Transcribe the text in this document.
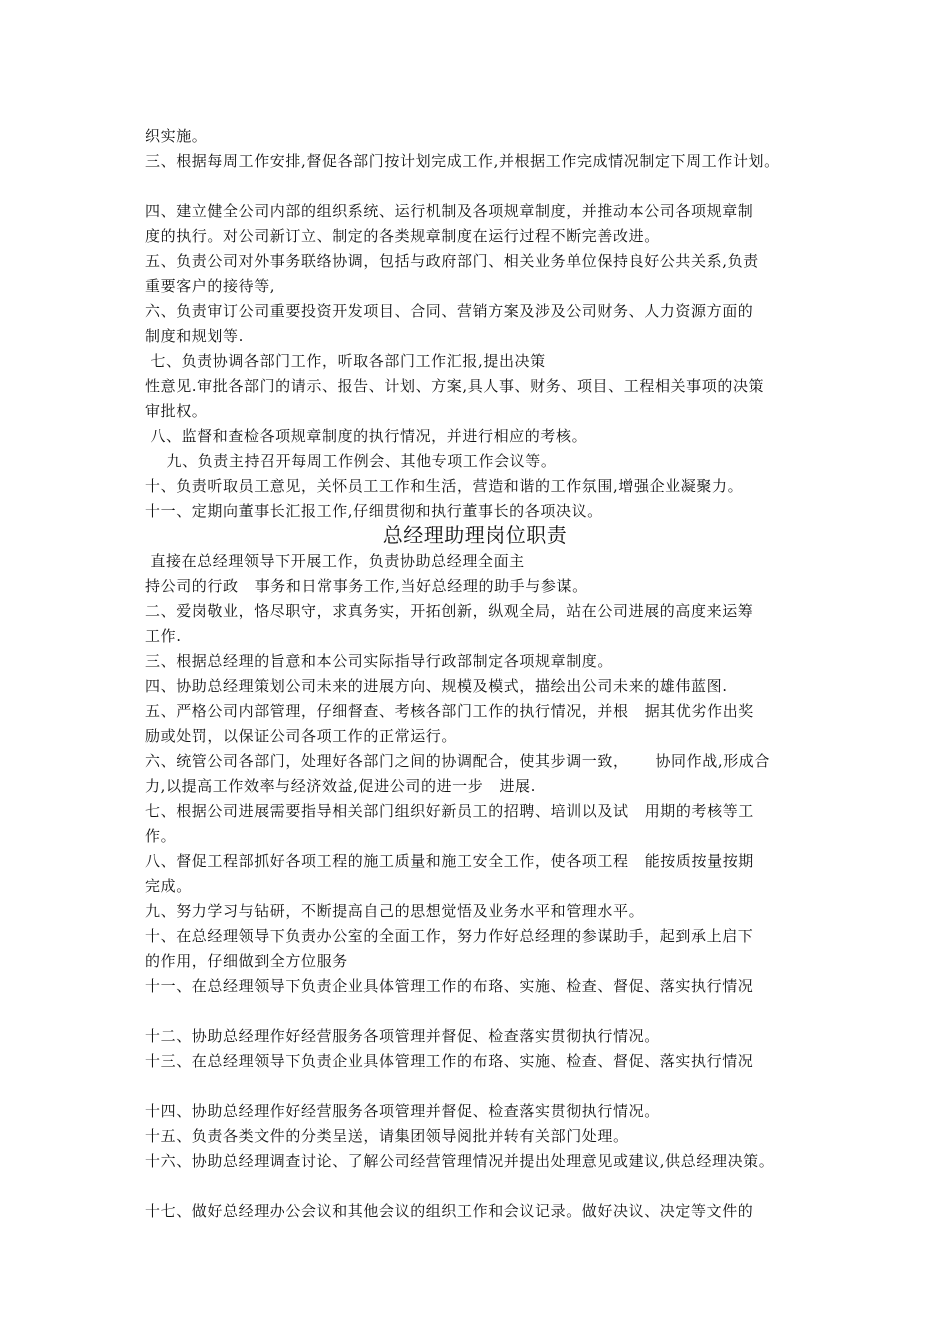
织实施。
三、根据每周工作安排,督促各部门按计划完成工作,并根据工作完成情况制定下周工作计划。
四、建立健全公司内部的组织系统、运行机制及各项规章制度，并推动本公司各项规章制
度的执行。对公司新订立、制定的各类规章制度在运行过程不断完善改进。
五、负责公司对外事务联络协调，包括与政府部门、相关业务单位保持良好公共关系,负责
重要客户的接待等,
六、负责审订公司重要投资开发项目、合同、营销方案及涉及公司财务、人力资源方面的
制度和规划等.
七、负责协调各部门工作，听取各部门工作汇报,提出决策
性意见.审批各部门的请示、报告、计划、方案,具人事、财务、项目、工程相关事项的决策
审批权。
八、监督和查检各项规章制度的执行情况，并进行相应的考核。
九、负责主持召开每周工作例会、其他专项工作会议等。
十、负责听取员工意见，关怀员工工作和生活，营造和谐的工作氛围,增强企业凝聚力。
十一、定期向董事长汇报工作,仔细贯彻和执行董事长的各项决议。
总经理助理岗位职责
直接在总经理领导下开展工作，负责协助总经理全面主
持公司的行政   事务和日常事务工作,当好总经理的助手与参谋。
二、爱岗敬业，恪尽职守，求真务实，开拓创新，纵观全局，站在公司进展的高度来运筹
工作.
三、根据总经理的旨意和本公司实际指导行政部制定各项规章制度。
四、协助总经理策划公司未来的进展方向、规模及模式，描绘出公司未来的雄伟蓝图.
五、严格公司内部管理，仔细督查、考核各部门工作的执行情况，并根   据其优劣作出奖
励或处罚，以保证公司各项工作的正常运行。
六、统管公司各部门，处理好各部门之间的协调配合，使其步调一致，     协同作战,形成合
力,以提高工作效率与经济效益,促进公司的进一步   进展.
七、根据公司进展需要指导相关部门组织好新员工的招聘、培训以及试   用期的考核等工
作。
八、督促工程部抓好各项工程的施工质量和施工安全工作，使各项工程   能按质按量按期
完成。
九、努力学习与钻研，不断提高自己的思想觉悟及业务水平和管理水平。
十、在总经理领导下负责办公室的全面工作，努力作好总经理的参谋助手，起到承上启下
的作用，仔细做到全方位服务
十一、在总经理领导下负责企业具体管理工作的布珞、实施、检查、督促、落实执行情况
十二、协助总经理作好经营服务各项管理并督促、检查落实贯彻执行情况。
十三、在总经理领导下负责企业具体管理工作的布珞、实施、检查、督促、落实执行情况
十四、协助总经理作好经营服务各项管理并督促、检查落实贯彻执行情况。
十五、负责各类文件的分类呈送，请集团领导阅批并转有关部门处理。
十六、协助总经理调查讨论、了解公司经营管理情况并提出处理意见或建议,供总经理决策。
十七、做好总经理办公会议和其他会议的组织工作和会议记录。做好决议、决定等文件的
